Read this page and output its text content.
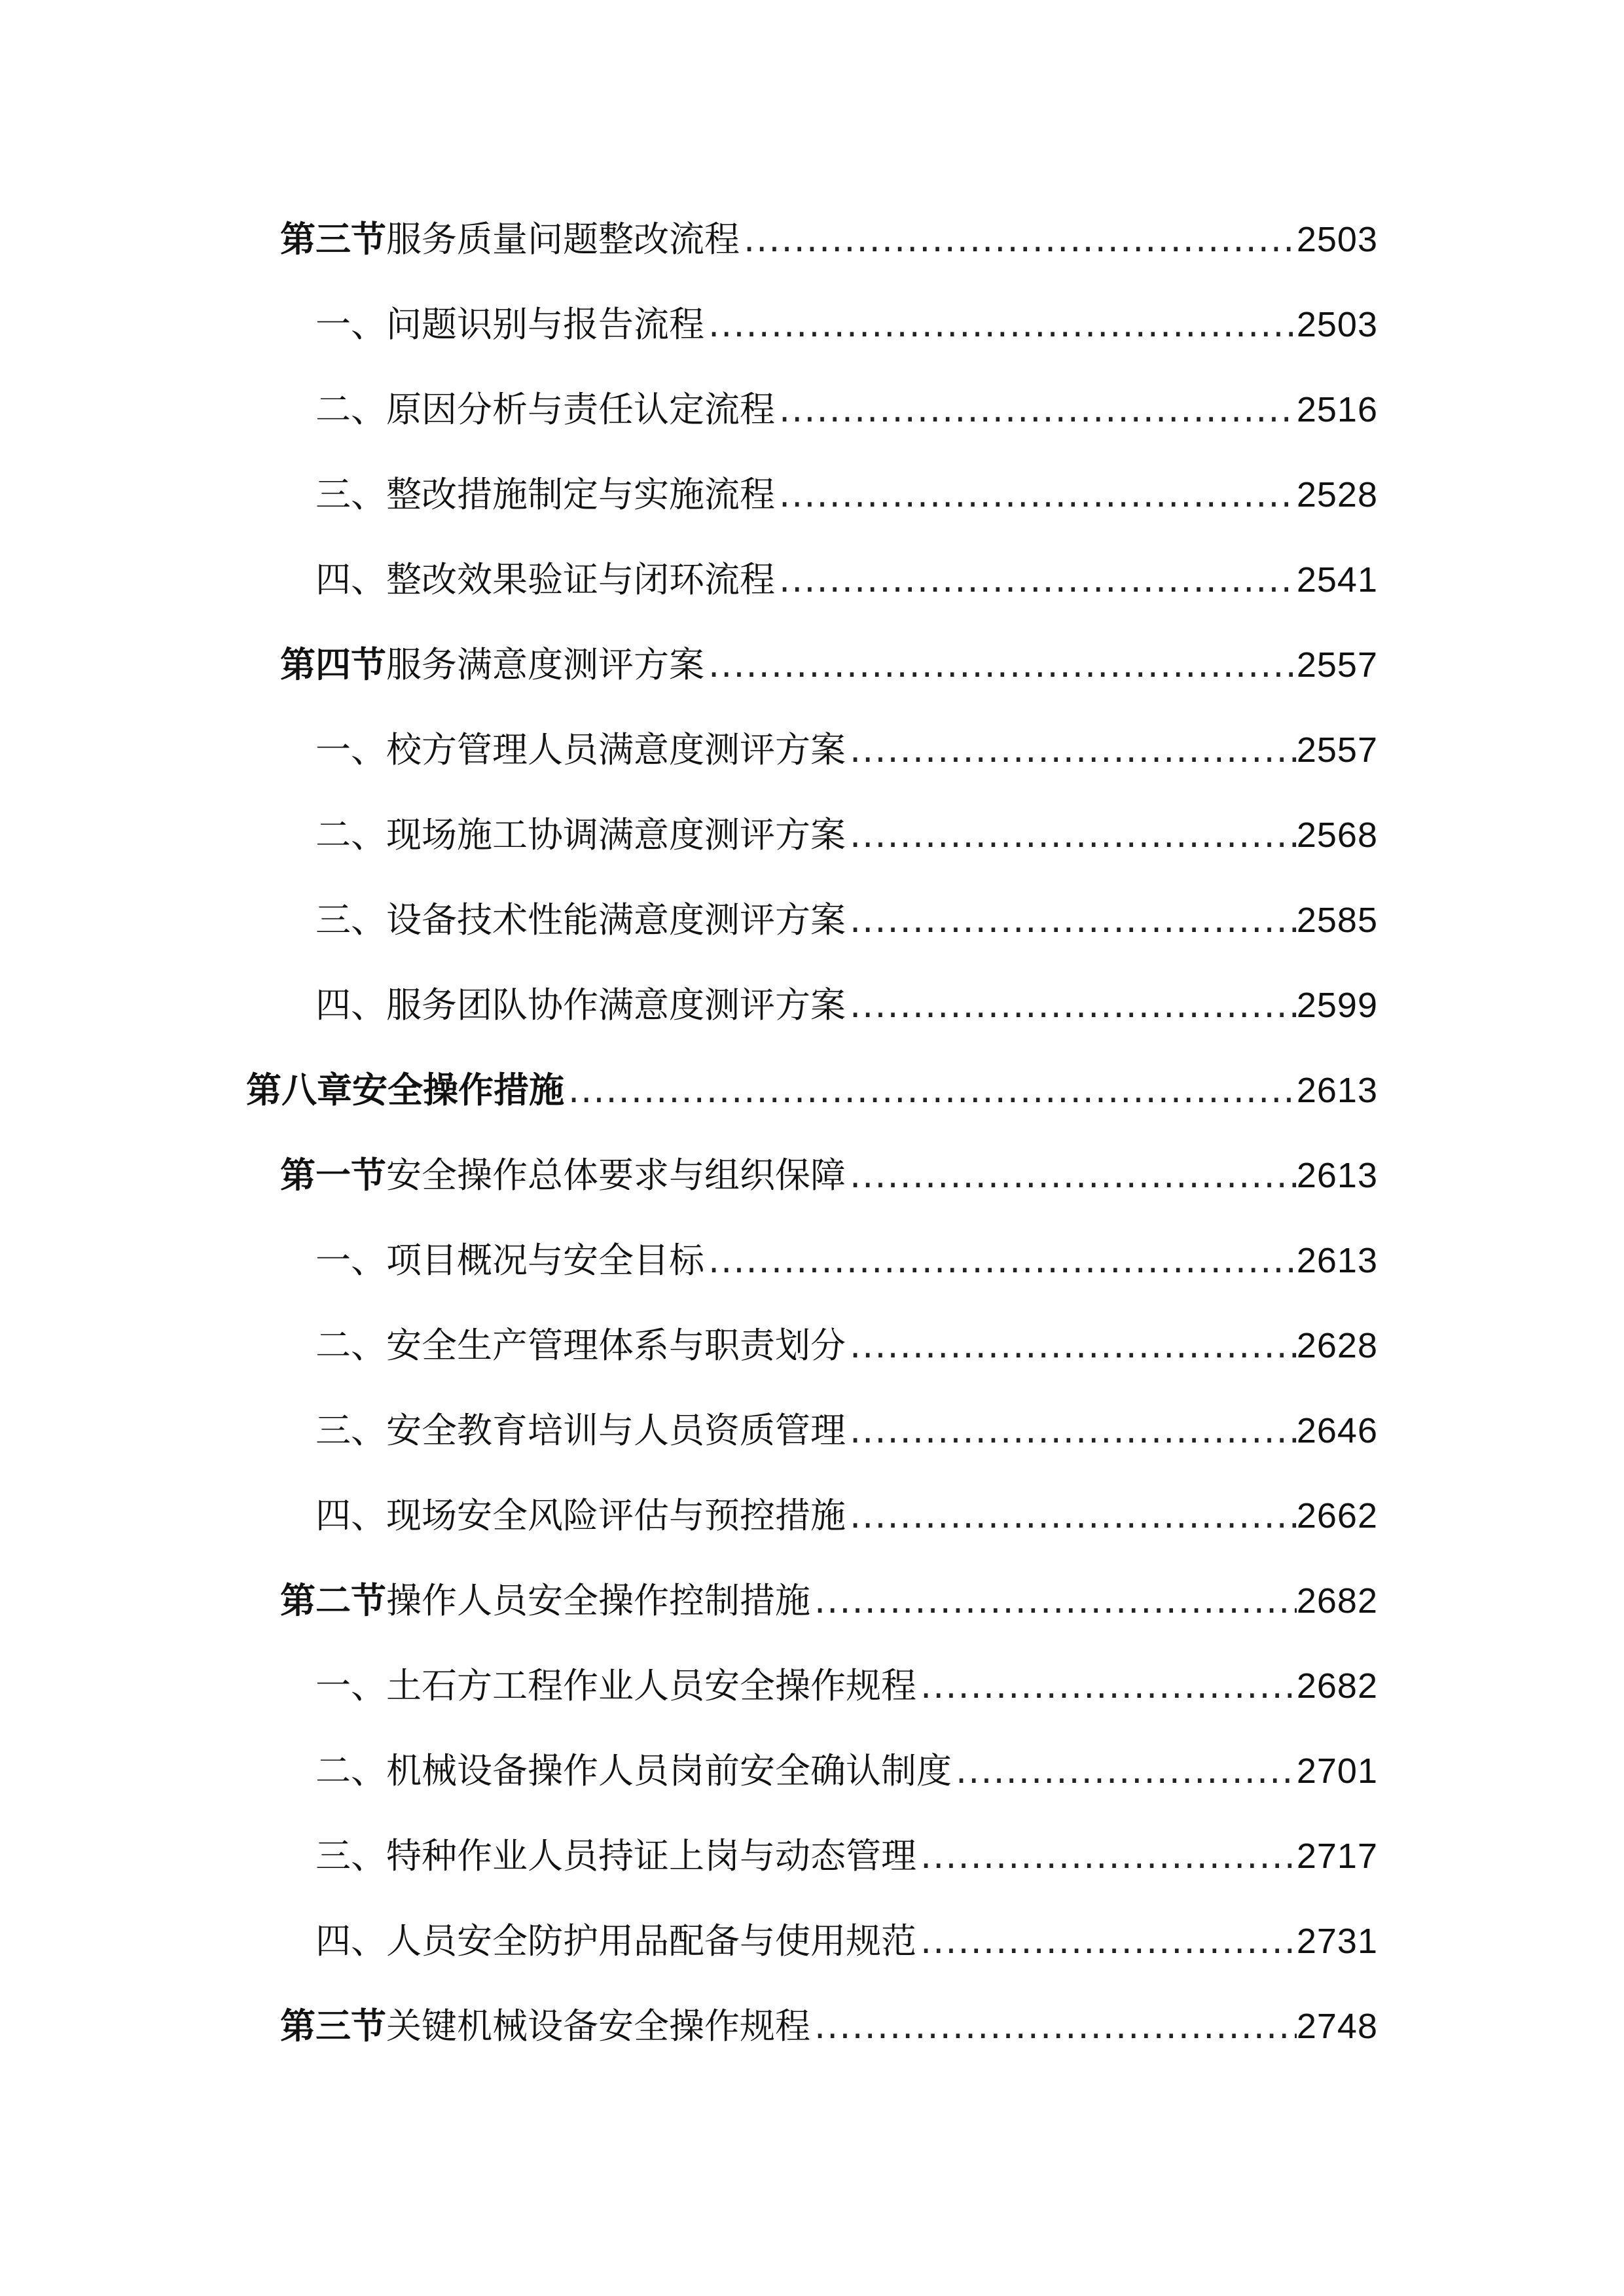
第三节 服务质量问题整改流程 .....	2503
一、问题识别与报告流程 .....	2503
二、原因分析与责任认定流程 .....	2516
三、整改措施制定与实施流程 .....	2528
四、整改效果验证与闭环流程 .....	2541
第四节 服务满意度测评方案 .....	2557
一、校方管理人员满意度测评方案 .....	2557
二、现场施工协调满意度测评方案 .....	2568
三、设备技术性能满意度测评方案 .....	2585
四、服务团队协作满意度测评方案 .....	2599
第八章安全操作措施 .....	2613
第一节 安全操作总体要求与组织保障 .....	2613
一、项目概况与安全目标 .....	2613
二、安全生产管理体系与职责划分 .....	2628
三、安全教育培训与人员资质管理 .....	2646
四、现场安全风险评估与预控措施 .....	2662
第二节 操作人员安全操作控制措施 .....	2682
一、土石方工程作业人员安全操作规程 .....	2682
二、机械设备操作人员岗前安全确认制度 .....	2701
三、特种作业人员持证上岗与动态管理 .....	2717
四、人员安全防护用品配备与使用规范 .....	2731
第三节 关键机械设备安全操作规程 .....	2748
